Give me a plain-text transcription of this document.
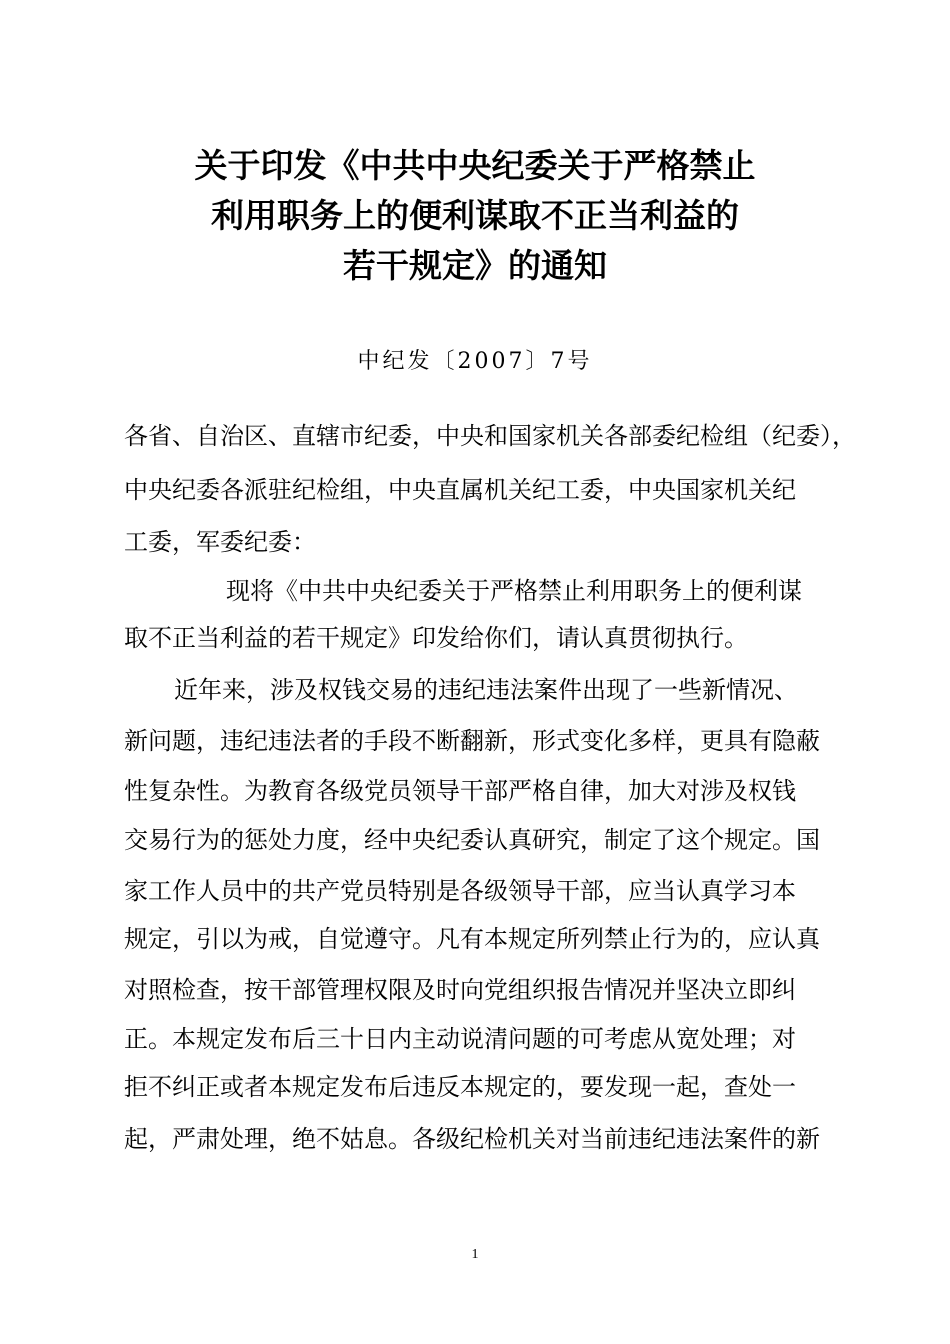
关于印发《中共中央纪委关于严格禁止
利用职务上的便利谋取不正当利益的
若干规定》的通知
中纪发〔2007〕7号
各省、自治区、直辖市纪委，中央和国家机关各部委纪检组（纪委），
中央纪委各派驻纪检组，中央直属机关纪工委，中央国家机关纪
工委，军委纪委：
现将《中共中央纪委关于严格禁止利用职务上的便利谋
取不正当利益的若干规定》印发给你们，请认真贯彻执行。
近年来，涉及权钱交易的违纪违法案件出现了一些新情况、
新问题，违纪违法者的手段不断翻新，形式变化多样，更具有隐蔽
性复杂性。为教育各级党员领导干部严格自律，加大对涉及权钱
交易行为的惩处力度，经中央纪委认真研究，制定了这个规定。国
家工作人员中的共产党员特别是各级领导干部，应当认真学习本
规定，引以为戒，自觉遵守。凡有本规定所列禁止行为的，应认真
对照检查，按干部管理权限及时向党组织报告情况并坚决立即纠
正。本规定发布后三十日内主动说清问题的可考虑从宽处理；对
拒不纠正或者本规定发布后违反本规定的，要发现一起，查处一
起，严肃处理，绝不姑息。各级纪检机关对当前违纪违法案件的新
1
